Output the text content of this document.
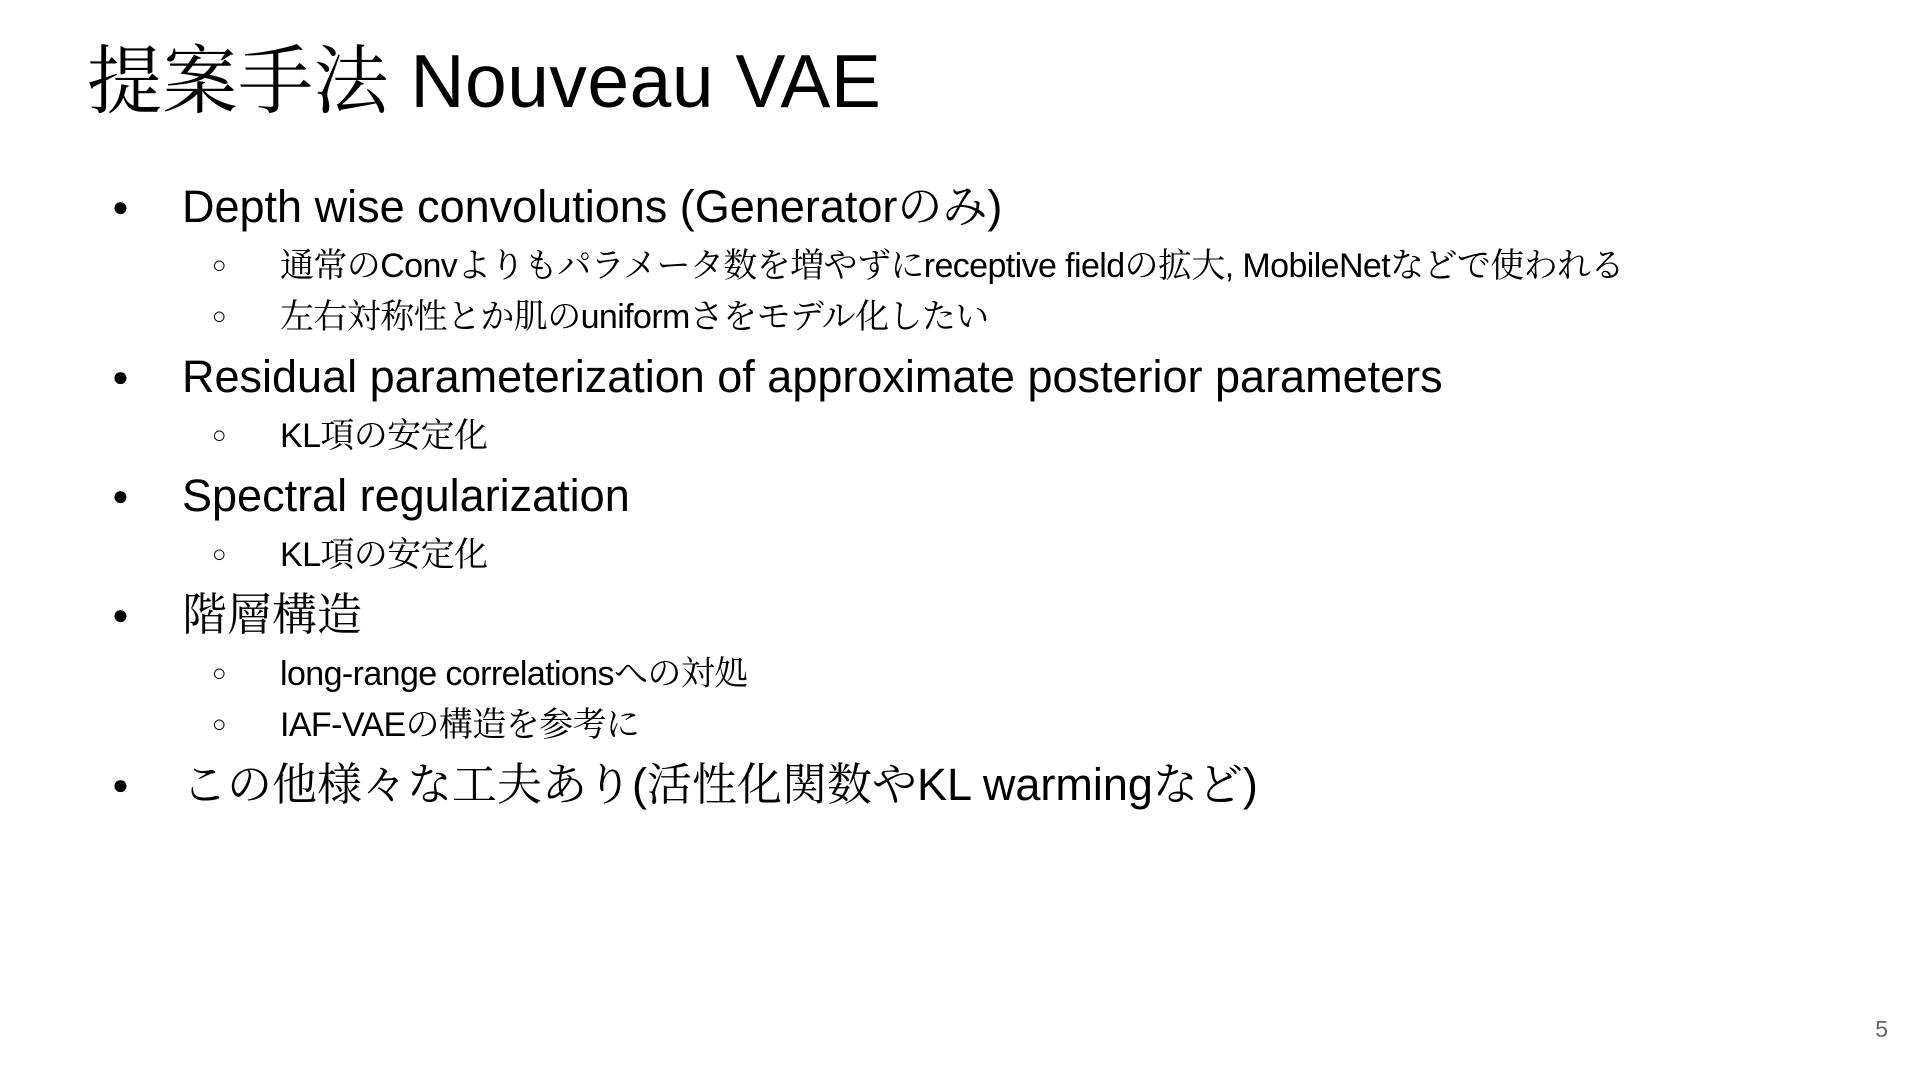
提案手法 Nouveau VAE
● Depth wise convolutions (Generatorのみ)
○ 通常のConvよりもパラメータ数を増やずにreceptive fieldの拡大, MobileNetなどで使われる
○ 左右対称性とか肌のuniformさをモデル化したい
● Residual parameterization of approximate posterior parameters
○ KL項の安定化
● Spectral regularization
○ KL項の安定化
● 階層構造
○ long-range correlationsへの対処
○ IAF-VAEの構造を参考に
● この他様々な工夫あり(活性化関数やKL warmingなど)
5
